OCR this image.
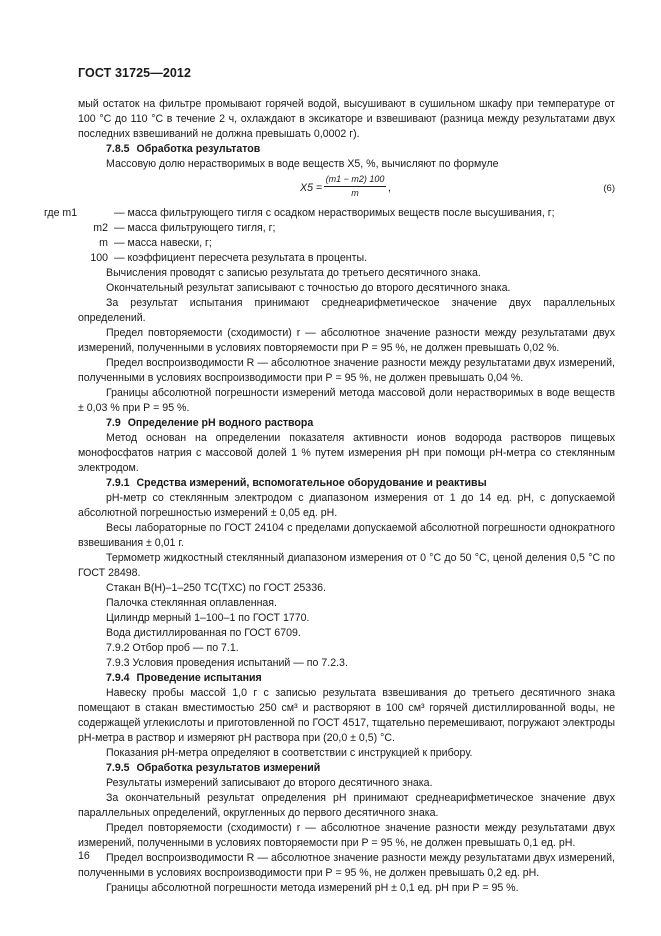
ГОСТ 31725—2012

мый остаток на фильтре промывают горячей водой, высушивают в сушильном шкафу при температуре от 100 °С до 110 °С в течение 2 ч, охлаждают в эксикаторе и взвешивают (разница между результатами двух последних взвешиваний не должна превышать 0,0002 г).

7.8.5 Обработка результатов

Массовую долю нерастворимых в воде веществ X5, %, вычисляют по формуле

$X5 = \frac{(m1 - m2) 100}{m}$ ,	(6)
где m1	— масса фильтрующего тигля с осадком нерастворимых веществ после высушивания, г;
m2 — масса фильтрующего тигля, г;
m — масса навески, г;
100 — коэффициент пересчета результата в проценты.

Вычисления проводят с записью результата до третьего десятичного знака.

Окончательный результат записывают с точностью до второго десятичного знака.

За результат испытания принимают среднеарифметическое значение двух параллельных определений.

Предел повторяемости (сходимости) r — абсолютное значение разности между результатами двух измерений, полученными в условиях повторяемости при Р = 95 %, не должен превышать 0,02 %.

Предел воспроизводимости R — абсолютное значение разности между результатами двух измерений, полученными в условиях воспроизводимости при Р = 95 %, не должен превышать 0,04 %.

Границы абсолютной погрешности измерений метода массовой доли нерастворимых в воде веществ ± 0,03 % при Р = 95 %.

7.9 Определение рН водного раствора

Метод основан на определении показателя активности ионов водорода растворов пищевых монофосфатов натрия с массовой долей 1 % путем измерения рН при помощи рН-метра со стеклянным электродом.

7.9.1 Средства измерений, вспомогательное оборудование и реактивы

рН-метр со стеклянным электродом с диапазоном измерения от 1 до 14 ед. рН, с допускаемой абсолютной погрешностью измерений ± 0,05 ед. рН.

Весы лабораторные по ГОСТ 24104 с пределами допускаемой абсолютной погрешности однократного взвешивания ± 0,01 г.

Термометр жидкостный стеклянный диапазоном измерения от 0 °С до 50 °С, ценой деления 0,5 °С по ГОСТ 28498.

Стакан В(Н)–1–250 ТС(ТХС) по ГОСТ 25336.

Палочка стеклянная оплавленная.

Цилиндр мерный 1–100–1 по ГОСТ 1770.

Вода дистиллированная по ГОСТ 6709.

7.9.2 Отбор проб — по 7.1.

7.9.3 Условия проведения испытаний — по 7.2.3.

7.9.4 Проведение испытания

Навеску пробы массой 1,0 г с записью результата взвешивания до третьего десятичного знака помещают в стакан вместимостью 250 см³ и растворяют в 100 см³ горячей дистиллированной воды, не содержащей углекислоты и приготовленной по ГОСТ 4517, тщательно перемешивают, погружают электроды рН-метра в раствор и измеряют рН раствора при (20,0 ± 0,5) °С.

Показания рН-метра определяют в соответствии с инструкцией к прибору.

7.9.5 Обработка результатов измерений

Результаты измерений записывают до второго десятичного знака.

За окончательный результат определения рН принимают среднеарифметическое значение двух параллельных определений, округленных до первого десятичного знака.

Предел повторяемости (сходимости) r — абсолютное значение разности между результатами двух измерений, полученными в условиях повторяемости при Р = 95 %, не должен превышать 0,1 ед. рН.

Предел воспроизводимости R — абсолютное значение разности между результатами двух измерений, полученными в условиях воспроизводимости при Р = 95 %, не должен превышать 0,2 ед. рН.

Границы абсолютной погрешности метода измерений рН ± 0,1 ед. рН при Р = 95 %.

16
